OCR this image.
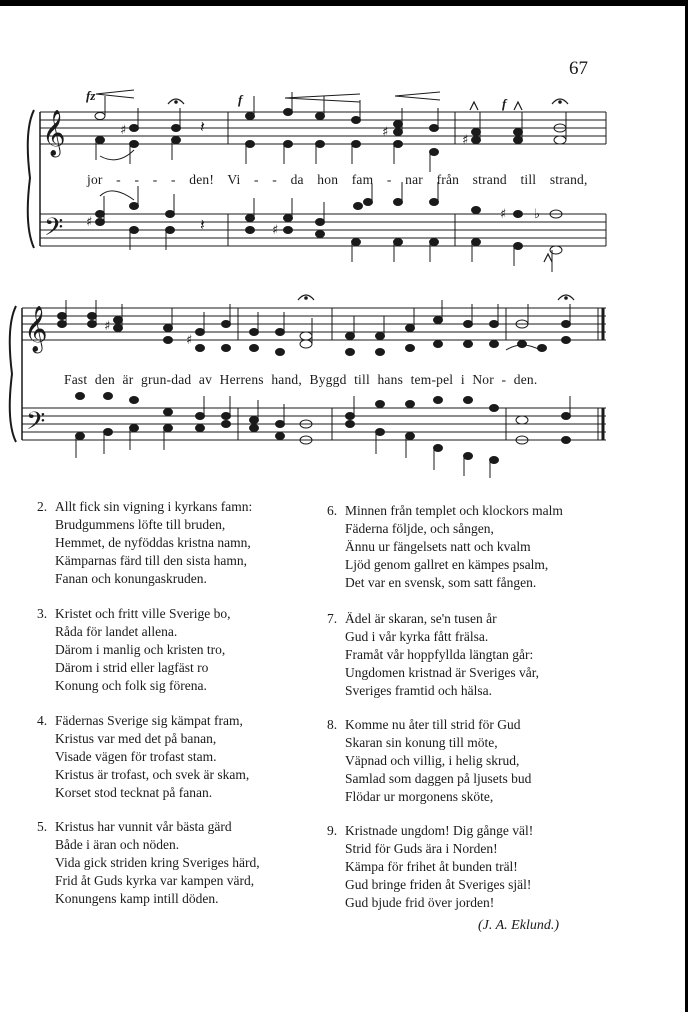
67
𝄞
𝄢
𝄞
𝄢
fz	f	f
♯	♯
♯
♯
♯
♯ ♭
♯
♯
𝄽
𝄽
jor - - - - den! Vi - - da hon fam - nar från strand till strand,
Fast den är grun-dad av Herrens hand, Byggd till hans tem-pel i Nor - den.
2. Allt fick sin vigning i kyrkans famn:
Brudgummens löfte till bruden,
Hemmet, de nyföddas kristna namn,
Kämparnas färd till den sista hamn,
Fanan och konungaskruden.
3. Kristet och fritt ville Sverige bo,
Råda för landet allena.
Därom i manlig och kristen tro,
Därom i strid eller lagfäst ro
Konung och folk sig förena.
4. Fädernas Sverige sig kämpat fram,
Kristus var med det på banan,
Visade vägen för trofast stam.
Kristus är trofast, och svek är skam,
Korset stod tecknat på fanan.
5. Kristus har vunnit vår bästa gärd
Både i äran och nöden.
Vida gick striden kring Sveriges härd,
Frid åt Guds kyrka var kampen värd,
Konungens kamp intill döden.
6. Minnen från templet och klockors malm
Fäderna följde, och sången,
Ännu ur fängelsets natt och kvalm
Ljöd genom gallret en kämpes psalm,
Det var en svensk, som satt fången.
7. Ädel är skaran, se'n tusen år
Gud i vår kyrka fått frälsa.
Framåt vår hoppfyllda längtan går:
Ungdomen kristnad är Sveriges vår,
Sveriges framtid och hälsa.
8. Komme nu åter till strid för Gud
Skaran sin konung till möte,
Väpnad och villig, i helig skrud,
Samlad som daggen på ljusets bud
Flödar ur morgonens sköte,
9. Kristnade ungdom! Dig gånge väl!
Strid för Guds ära i Norden!
Kämpa för frihet åt bunden träl!
Gud bringe friden åt Sveriges själ!
Gud bjude frid över jorden!
(J. A. Eklund.)
